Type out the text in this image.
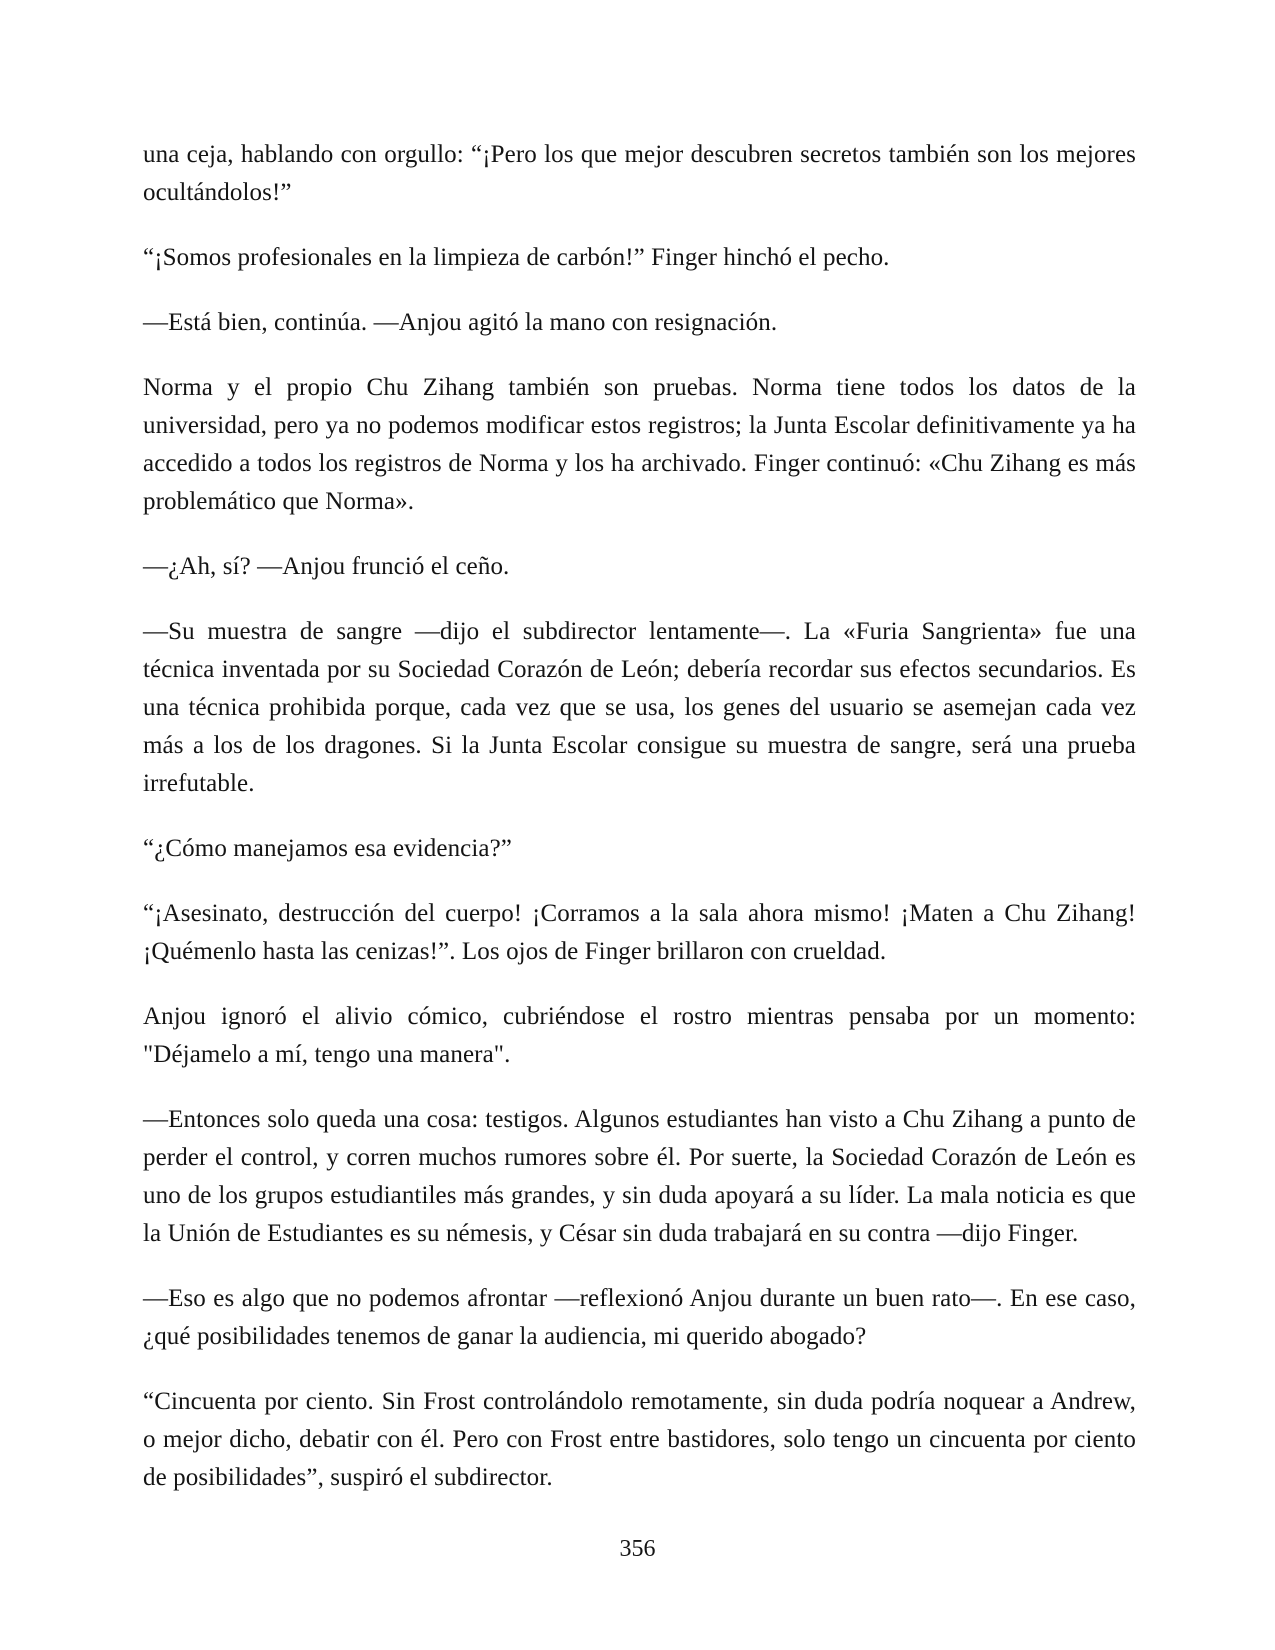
una ceja, hablando con orgullo: “¡Pero los que mejor descubren secretos también son los mejores ocultándolos!”

“¡Somos profesionales en la limpieza de carbón!” Finger hinchó el pecho.

—Está bien, continúa. —Anjou agitó la mano con resignación.

Norma y el propio Chu Zihang también son pruebas. Norma tiene todos los datos de la universidad, pero ya no podemos modificar estos registros; la Junta Escolar definitivamente ya ha accedido a todos los registros de Norma y los ha archivado. Finger continuó: «Chu Zihang es más problemático que Norma».

—¿Ah, sí? —Anjou frunció el ceño.

—Su muestra de sangre —dijo el subdirector lentamente—. La «Furia Sangrienta» fue una técnica inventada por su Sociedad Corazón de León; debería recordar sus efectos secundarios. Es una técnica prohibida porque, cada vez que se usa, los genes del usuario se asemejan cada vez más a los de los dragones. Si la Junta Escolar consigue su muestra de sangre, será una prueba irrefutable.

“¿Cómo manejamos esa evidencia?”

“¡Asesinato, destrucción del cuerpo! ¡Corramos a la sala ahora mismo! ¡Maten a Chu Zihang! ¡Quémenlo hasta las cenizas!”. Los ojos de Finger brillaron con crueldad.

Anjou ignoró el alivio cómico, cubriéndose el rostro mientras pensaba por un momento: "Déjamelo a mí, tengo una manera".

—Entonces solo queda una cosa: testigos. Algunos estudiantes han visto a Chu Zihang a punto de perder el control, y corren muchos rumores sobre él. Por suerte, la Sociedad Corazón de León es uno de los grupos estudiantiles más grandes, y sin duda apoyará a su líder. La mala noticia es que la Unión de Estudiantes es su némesis, y César sin duda trabajará en su contra —dijo Finger.

—Eso es algo que no podemos afrontar —reflexionó Anjou durante un buen rato—. En ese caso, ¿qué posibilidades tenemos de ganar la audiencia, mi querido abogado?

“Cincuenta por ciento. Sin Frost controlándolo remotamente, sin duda podría noquear a Andrew, o mejor dicho, debatir con él. Pero con Frost entre bastidores, solo tengo un cincuenta por ciento de posibilidades”, suspiró el subdirector.

356
